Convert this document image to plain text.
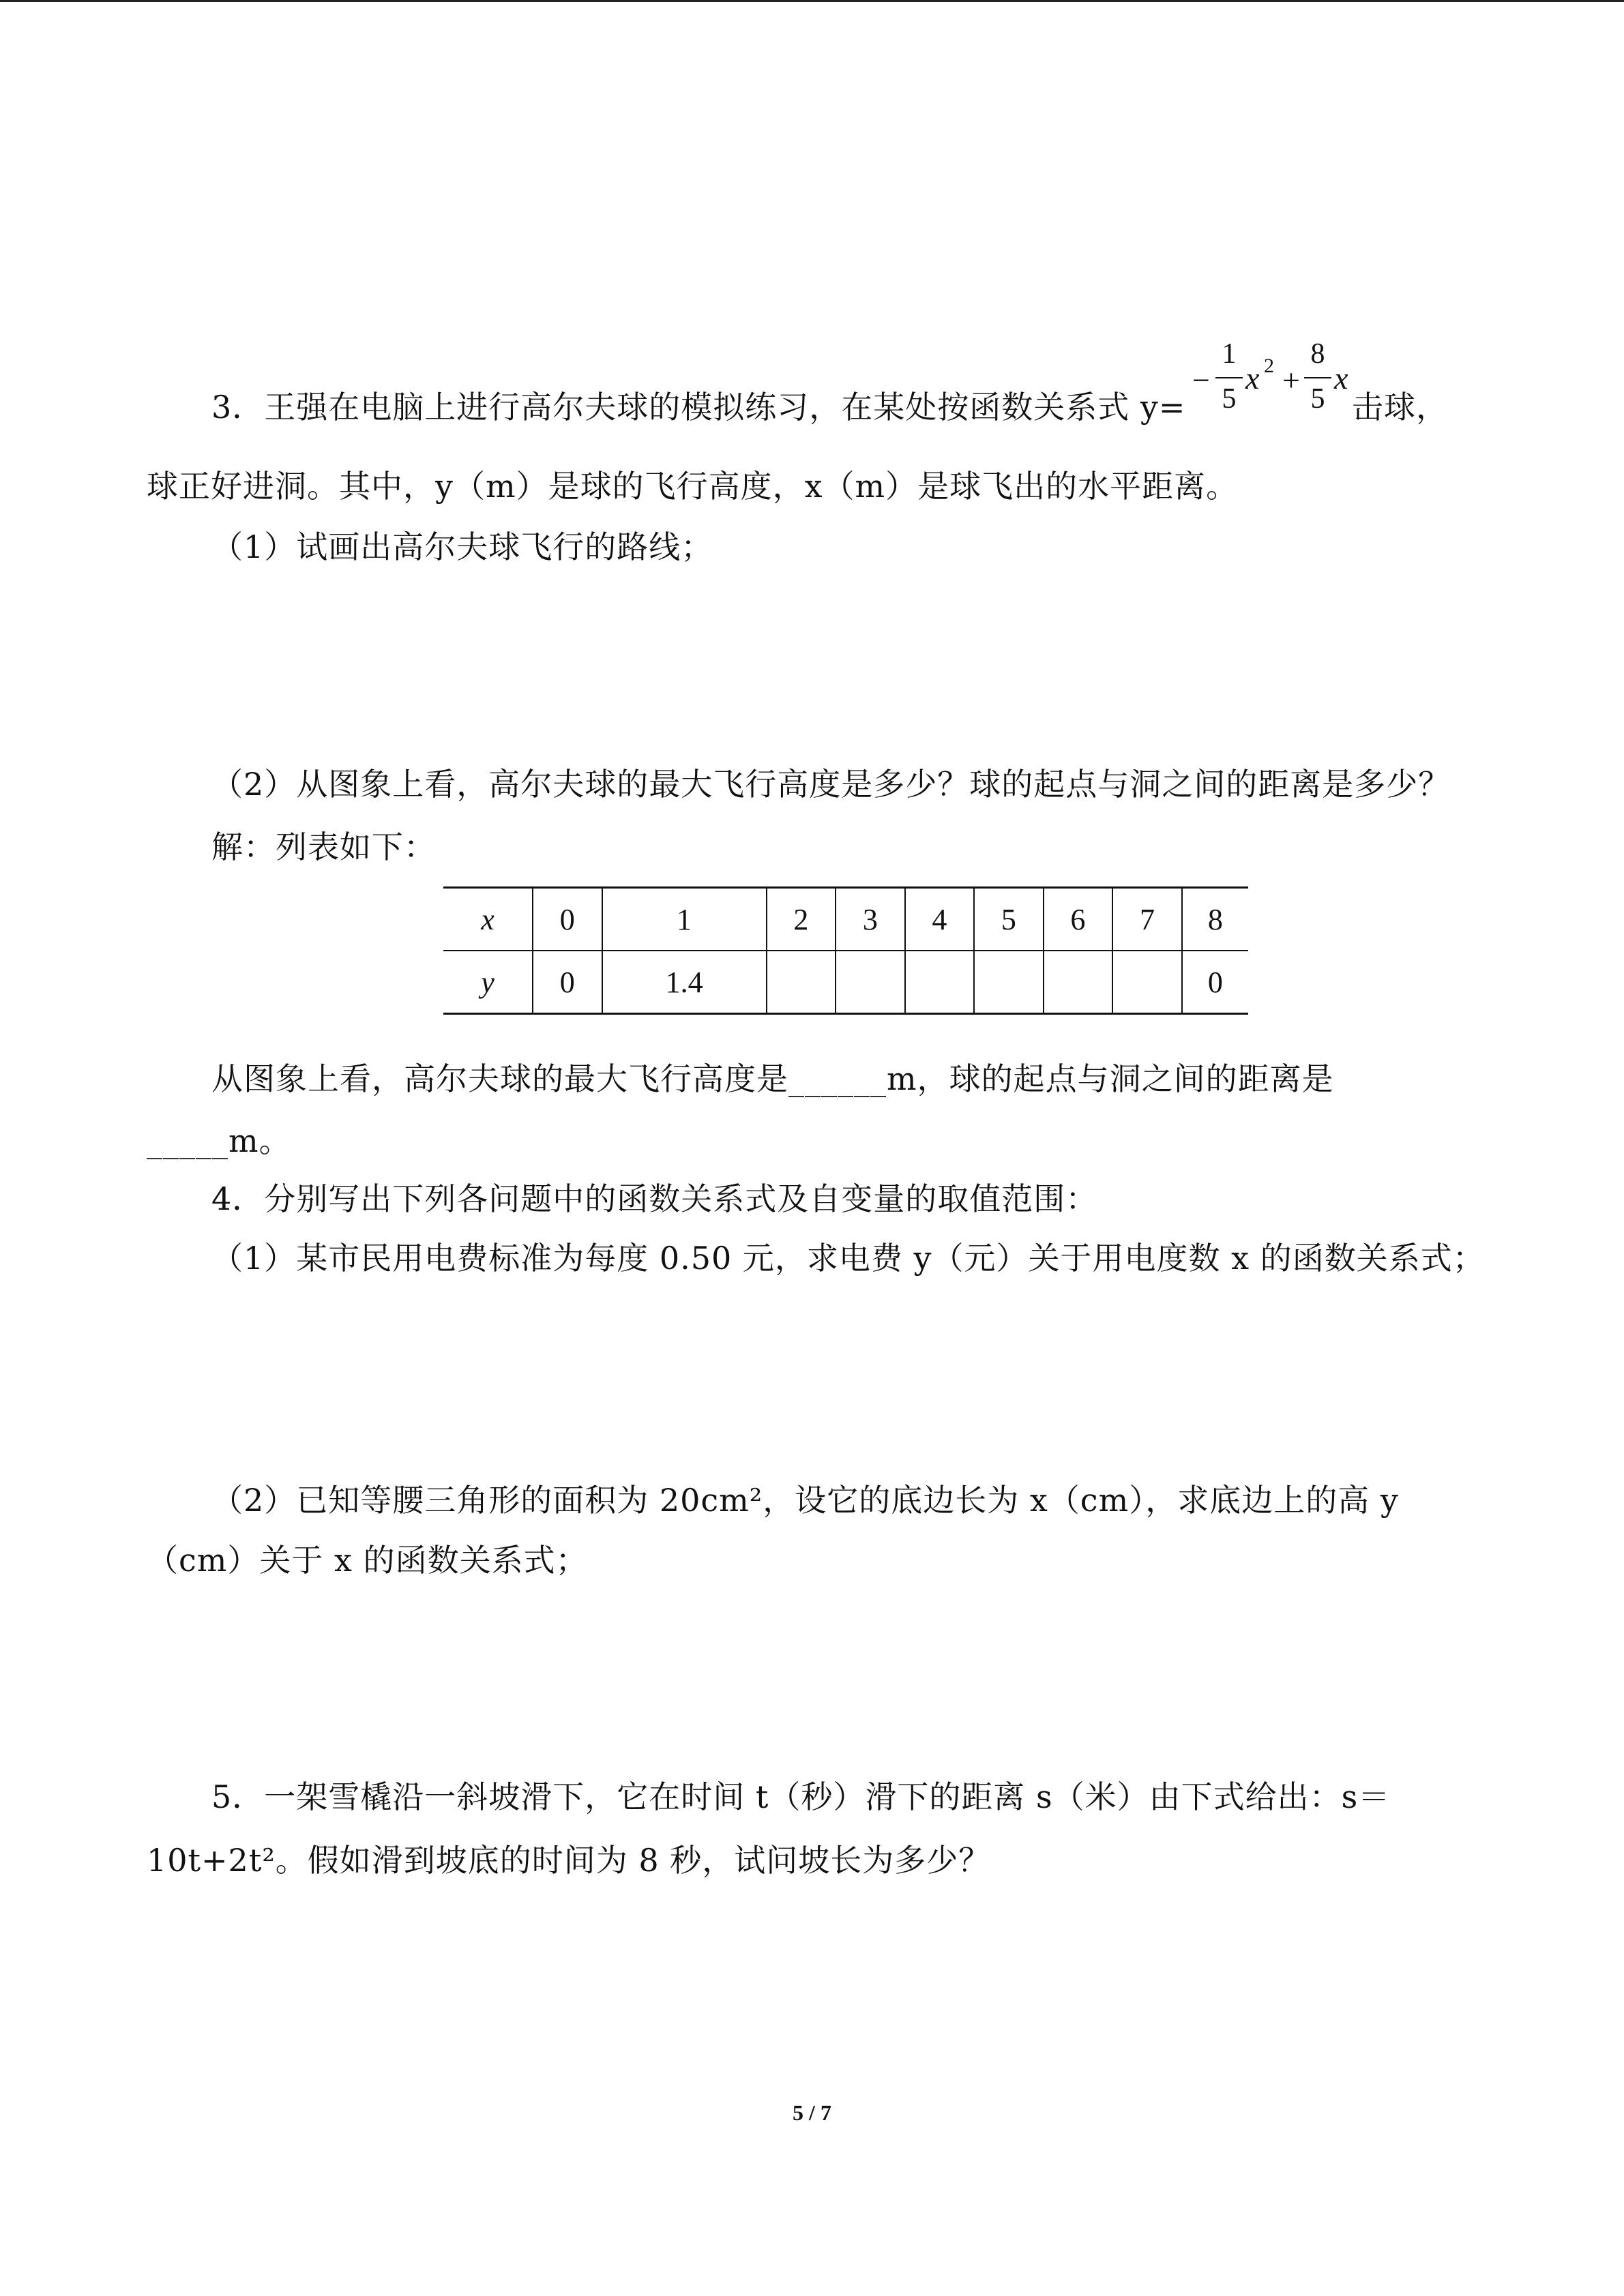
3．王强在电脑上进行高尔夫球的模拟练习，在某处按函数关系式 y=
−
1
5
x 2 +
8
5
x
击球，
球正好进洞。其中，y（m）是球的飞行高度，x（m）是球飞出的水平距离。
（1）试画出高尔夫球飞行的路线；
（2）从图象上看，高尔夫球的最大飞行高度是多少？球的起点与洞之间的距离是多少？
解：列表如下：
x	0	1	2	3	4	5	6	7	8
y	0	1.4							0
从图象上看，高尔夫球的最大飞行高度是______m，球的起点与洞之间的距离是
_____m。
4．分别写出下列各问题中的函数关系式及自变量的取值范围：
（1）某市民用电费标准为每度 0.50 元，求电费 y（元）关于用电度数 x 的函数关系式；
（2）已知等腰三角形的面积为 20cm²，设它的底边长为 x（cm），求底边上的高 y
（cm）关于 x 的函数关系式；
5．一架雪橇沿一斜坡滑下，它在时间 t（秒）滑下的距离 s（米）由下式给出：s＝
10t+2t²。假如滑到坡底的时间为 8 秒，试问坡长为多少？
5 / 7
